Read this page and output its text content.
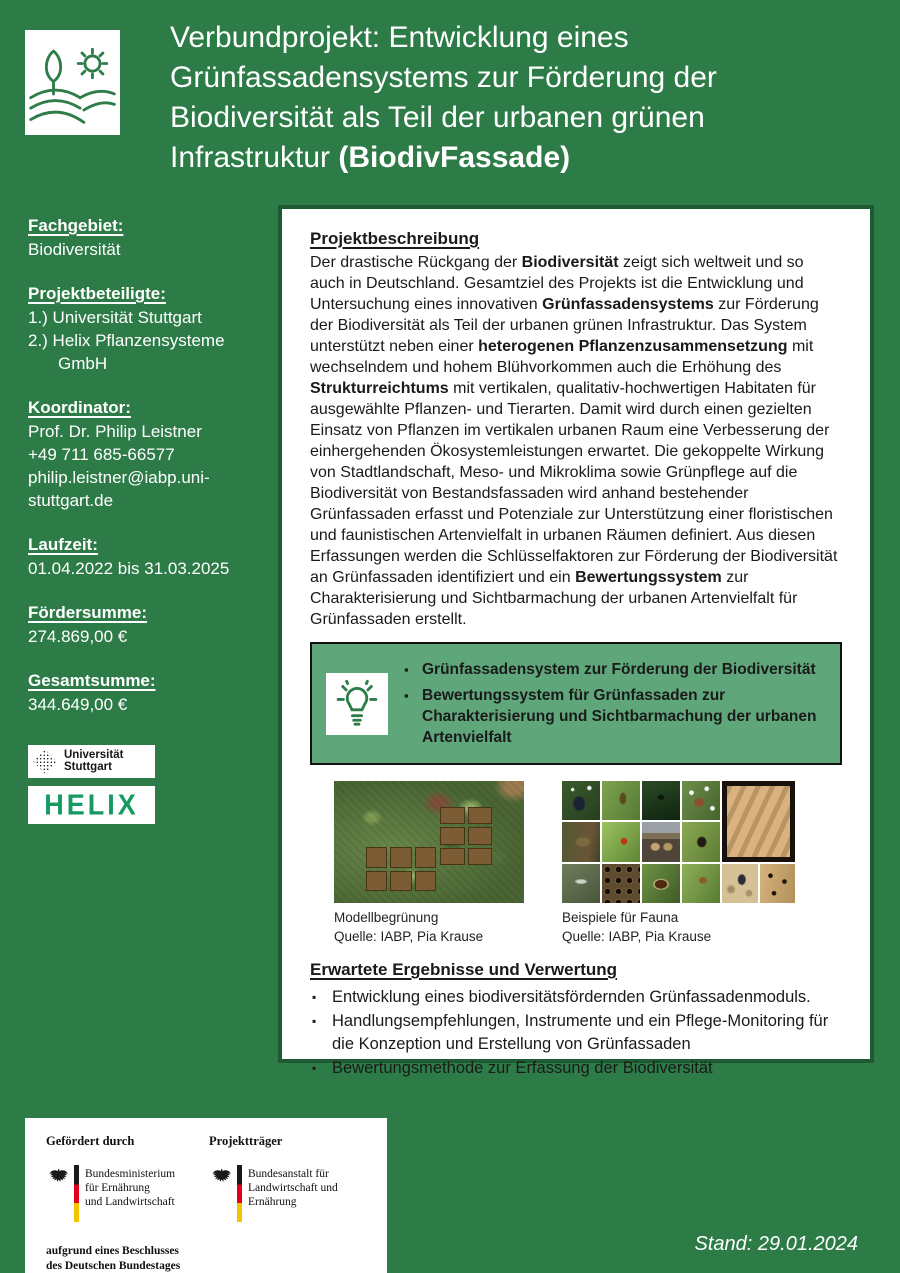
Verbundprojekt: Entwicklung eines Grünfassadensystems zur Förderung der Biodiversität als Teil der urbanen grünen Infrastruktur (BiodivFassade)
Fachgebiet:
Biodiversität
Projektbeteiligte:
1.) Universität Stuttgart
2.) Helix Pflanzensysteme
GmbH
Koordinator:
Prof. Dr. Philip Leistner
+49 711 685-66577
philip.leistner@iabp.uni-stuttgart.de
Laufzeit:
01.04.2022 bis 31.03.2025
Fördersumme:
274.869,00 €
Gesamtsumme:
344.649,00 €
Universität Stuttgart
HELIX
Projektbeschreibung
Der drastische Rückgang der Biodiversität zeigt sich weltweit und so auch in Deutschland. Gesamtziel des Projekts ist die Entwicklung und Untersuchung eines innovativen Grünfassadensystems zur Förderung der Biodiversität als Teil der urbanen grünen Infrastruktur. Das System unterstützt neben einer heterogenen Pflanzenzusammensetzung mit wechselndem und hohem Blühvorkommen auch die Erhöhung des Strukturreichtums mit vertikalen, qualitativ-hochwertigen Habitaten für ausgewählte Pflanzen- und Tierarten. Damit wird durch einen gezielten Einsatz von Pflanzen im vertikalen urbanen Raum eine Verbesserung der einhergehenden Ökosystemleistungen erwartet. Die gekoppelte Wirkung von Stadtlandschaft, Meso- und Mikroklima sowie Grünpflege auf die Biodiversität von Bestandsfassaden wird anhand bestehender Grünfassaden erfasst und Potenziale zur Unterstützung einer floristischen und faunistischen Artenvielfalt in urbanen Räumen definiert. Aus diesen Erfassungen werden die Schlüsselfaktoren zur Förderung der Biodiversität an Grünfassaden identifiziert und ein Bewertungssystem zur Charakterisierung und Sichtbarmachung der urbanen Artenvielfalt für Grünfassaden erstellt.
▪ Grünfassadensystem zur Förderung der Biodiversität
▪ Bewertungssystem für Grünfassaden zur Charakterisierung und Sichtbarmachung der urbanen Artenvielfalt
Modellbegrünung
Quelle: IABP, Pia Krause
Beispiele für Fauna
Quelle: IABP, Pia Krause
Erwartete Ergebnisse und Verwertung
▪ Entwicklung eines biodiversitätsfördernden Grünfassadenmoduls.
▪ Handlungsempfehlungen, Instrumente und ein Pflege-Monitoring für die Konzeption und Erstellung von Grünfassaden
▪ Bewertungsmethode zur Erfassung der Biodiversität
Gefördert durch
Bundesministerium
für Ernährung
und Landwirtschaft
aufgrund eines Beschlusses
des Deutschen Bundestages
Projektträger
Bundesanstalt für
Landwirtschaft und Ernährung
Stand: 29.01.2024
